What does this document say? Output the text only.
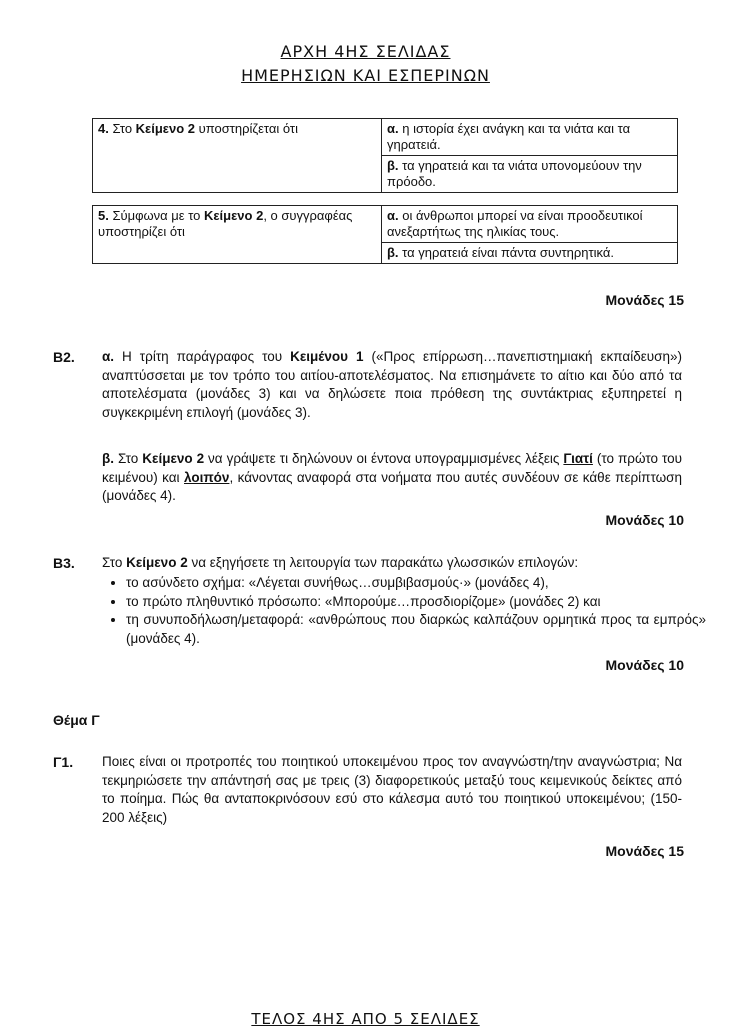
ΑΡΧΗ 4ΗΣ ΣΕΛΙΔΑΣ
ΗΜΕΡΗΣΙΩΝ ΚΑΙ ΕΣΠΕΡΙΝΩΝ
4. Στο Κείμενο 2 υποστηρίζεται ότι	α. η ιστορία έχει ανάγκη και τα νιάτα και τα γηρατειά.
β. τα γηρατειά και τα νιάτα υπονομεύουν την πρόοδο.
5. Σύμφωνα με το Κείμενο 2, ο συγγραφέας υποστηρίζει ότι	α. οι άνθρωποι μπορεί να είναι προοδευτικοί ανεξαρτήτως της ηλικίας τους.
β. τα γηρατειά είναι πάντα συντηρητικά.
Μονάδες 15
Β2. α. Η τρίτη παράγραφος του Κειμένου 1 («Προς επίρρωση…πανεπιστημιακή εκπαίδευση») αναπτύσσεται με τον τρόπο του αιτίου-αποτελέσματος. Να επισημάνετε το αίτιο και δύο από τα αποτελέσματα (μονάδες 3) και να δηλώσετε ποια πρόθεση της συντάκτριας εξυπηρετεί η συγκεκριμένη επιλογή (μονάδες 3).
β. Στο Κείμενο 2 να γράψετε τι δηλώνουν οι έντονα υπογραμμισμένες λέξεις Γιατί (το πρώτο του κειμένου) και λοιπόν, κάνοντας αναφορά στα νοήματα που αυτές συνδέουν σε κάθε περίπτωση (μονάδες 4).
Μονάδες 10
Β3. Στο Κείμενο 2 να εξηγήσετε τη λειτουργία των παρακάτω γλωσσικών επιλογών:
• το ασύνδετο σχήμα: «Λέγεται συνήθως…συμβιβασμούς·» (μονάδες 4),
• το πρώτο πληθυντικό πρόσωπο: «Μπορούμε…προσδιορίζομε» (μονάδες 2) και
• τη συνυποδήλωση/μεταφορά: «ανθρώπους που διαρκώς καλπάζουν ορμητικά προς τα εμπρός» (μονάδες 4).
Μονάδες 10
Θέμα Γ
Γ1. Ποιες είναι οι προτροπές του ποιητικού υποκειμένου προς τον αναγνώστη/την αναγνώστρια; Να τεκμηριώσετε την απάντησή σας με τρεις (3) διαφορετικούς μεταξύ τους κειμενικούς δείκτες από το ποίημα. Πώς θα ανταποκρινόσουν εσύ στο κάλεσμα αυτό του ποιητικού υποκειμένου; (150-200 λέξεις)
Μονάδες 15
ΤΕΛΟΣ 4ΗΣ ΑΠΟ 5 ΣΕΛΙΔΕΣ
